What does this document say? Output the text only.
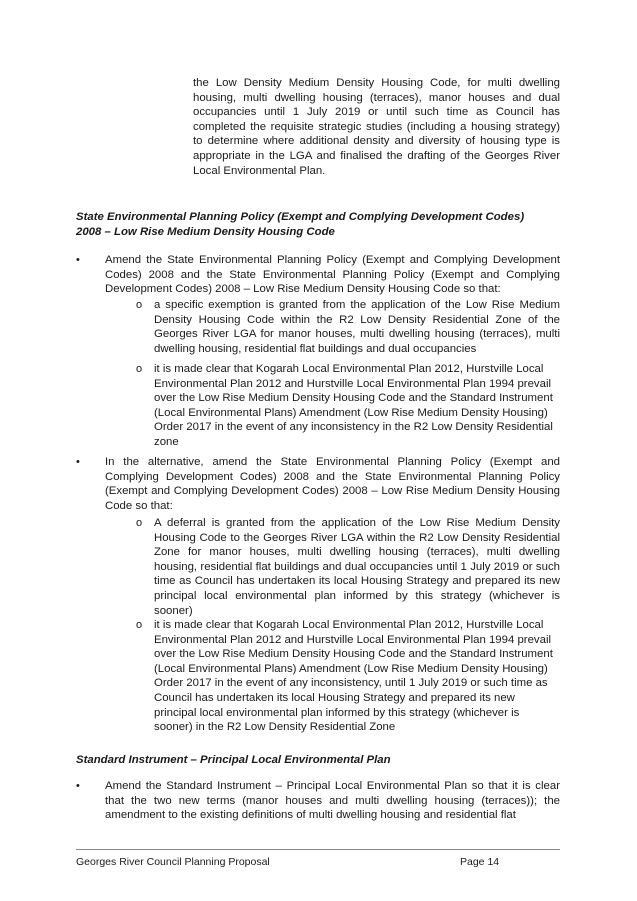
the Low Density Medium Density Housing Code, for multi dwelling housing, multi dwelling housing (terraces), manor houses and dual occupancies until 1 July 2019 or until such time as Council has completed the requisite strategic studies (including a housing strategy) to determine where additional density and diversity of housing type is appropriate in the LGA and finalised the drafting of the Georges River Local Environmental Plan.
State Environmental Planning Policy (Exempt and Complying Development Codes)
2008 – Low Rise Medium Density Housing Code
• Amend the State Environmental Planning Policy (Exempt and Complying Development Codes) 2008 and the State Environmental Planning Policy (Exempt and Complying Development Codes) 2008 – Low Rise Medium Density Housing Code so that:
o a specific exemption is granted from the application of the Low Rise Medium Density Housing Code within the R2 Low Density Residential Zone of the Georges River LGA for manor houses, multi dwelling housing (terraces), multi dwelling housing, residential flat buildings and dual occupancies
o it is made clear that Kogarah Local Environmental Plan 2012, Hurstville Local Environmental Plan 2012 and Hurstville Local Environmental Plan 1994 prevail over the Low Rise Medium Density Housing Code and the Standard Instrument (Local Environmental Plans) Amendment (Low Rise Medium Density Housing) Order 2017 in the event of any inconsistency in the R2 Low Density Residential zone
• In the alternative, amend the State Environmental Planning Policy (Exempt and Complying Development Codes) 2008 and the State Environmental Planning Policy (Exempt and Complying Development Codes) 2008 – Low Rise Medium Density Housing Code so that:
o A deferral is granted from the application of the Low Rise Medium Density Housing Code to the Georges River LGA within the R2 Low Density Residential Zone for manor houses, multi dwelling housing (terraces), multi dwelling housing, residential flat buildings and dual occupancies until 1 July 2019 or such time as Council has undertaken its local Housing Strategy and prepared its new principal local environmental plan informed by this strategy (whichever is sooner)
o it is made clear that Kogarah Local Environmental Plan 2012, Hurstville Local Environmental Plan 2012 and Hurstville Local Environmental Plan 1994 prevail over the Low Rise Medium Density Housing Code and the Standard Instrument (Local Environmental Plans) Amendment (Low Rise Medium Density Housing) Order 2017 in the event of any inconsistency, until 1 July 2019 or such time as Council has undertaken its local Housing Strategy and prepared its new principal local environmental plan informed by this strategy (whichever is sooner) in the R2 Low Density Residential Zone
Standard Instrument – Principal Local Environmental Plan
• Amend the Standard Instrument – Principal Local Environmental Plan so that it is clear that the two new terms (manor houses and multi dwelling housing (terraces)); the amendment to the existing definitions of multi dwelling housing and residential flat
Georges River Council Planning Proposal	Page 14
